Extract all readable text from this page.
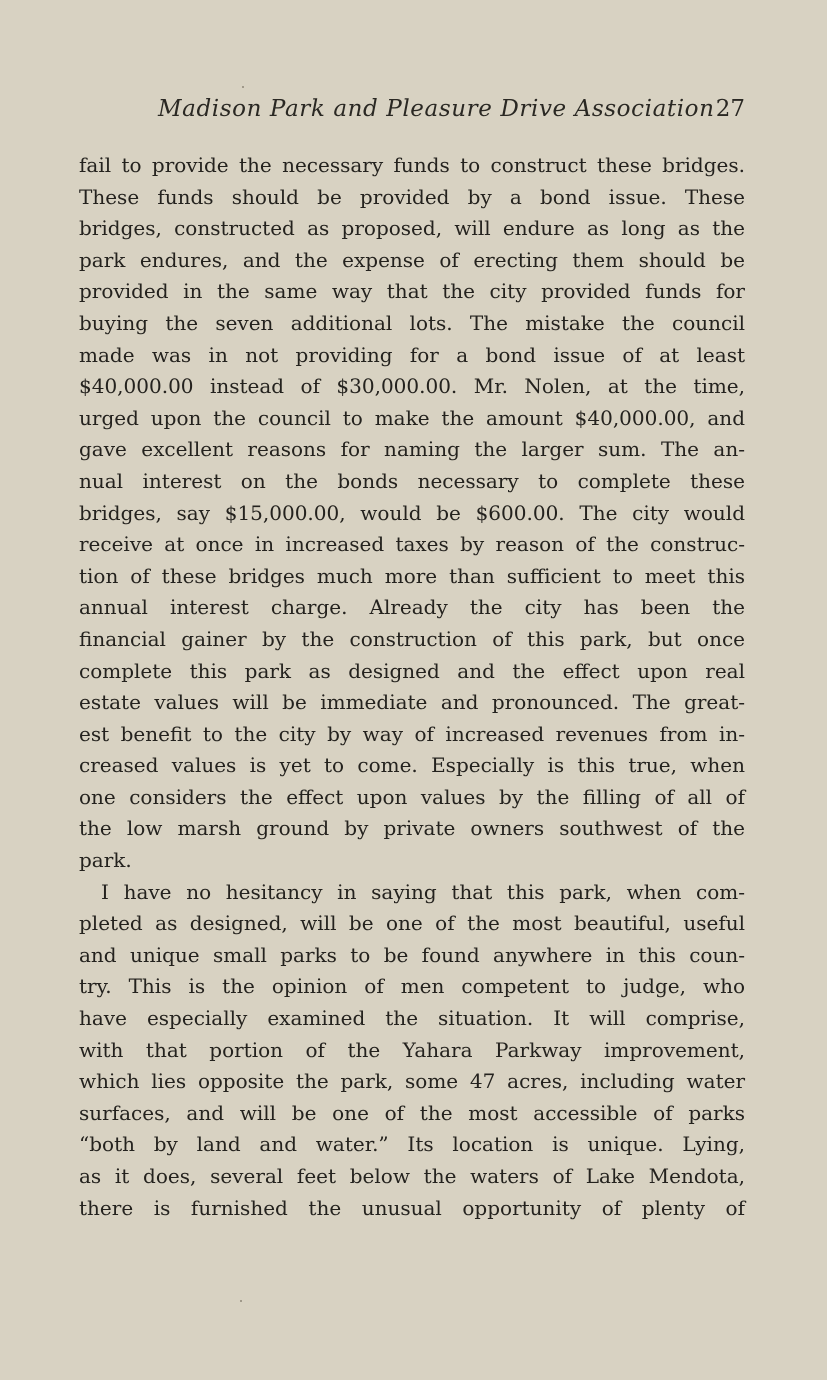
Madison Park and Pleasure Drive Association 27
fail to provide the necessary funds to construct these bridges.
These funds should be provided by a bond issue. These
bridges, constructed as proposed, will endure as long as the
park endures, and the expense of erecting them should be
provided in the same way that the city provided funds for
buying the seven additional lots. The mistake the council
made was in not providing for a bond issue of at least
$40,000.00 instead of $30,000.00. Mr. Nolen, at the time,
urged upon the council to make the amount $40,000.00, and
gave excellent reasons for naming the larger sum. The an-
nual interest on the bonds necessary to complete these
bridges, say $15,000.00, would be $600.00. The city would
receive at once in increased taxes by reason of the construc-
tion of these bridges much more than sufficient to meet this
annual interest charge. Already the city has been the
financial gainer by the construction of this park, but once
complete this park as designed and the effect upon real
estate values will be immediate and pronounced. The great-
est benefit to the city by way of increased revenues from in-
creased values is yet to come. Especially is this true, when
one considers the effect upon values by the filling of all of
the low marsh ground by private owners southwest of the
park.
I have no hesitancy in saying that this park, when com-
pleted as designed, will be one of the most beautiful, useful
and unique small parks to be found anywhere in this coun-
try. This is the opinion of men competent to judge, who
have especially examined the situation. It will comprise,
with that portion of the Yahara Parkway improvement,
which lies opposite the park, some 47 acres, including water
surfaces, and will be one of the most accessible of parks
“both by land and water.” Its location is unique. Lying,
as it does, several feet below the waters of Lake Mendota,
there is furnished the unusual opportunity of plenty of
